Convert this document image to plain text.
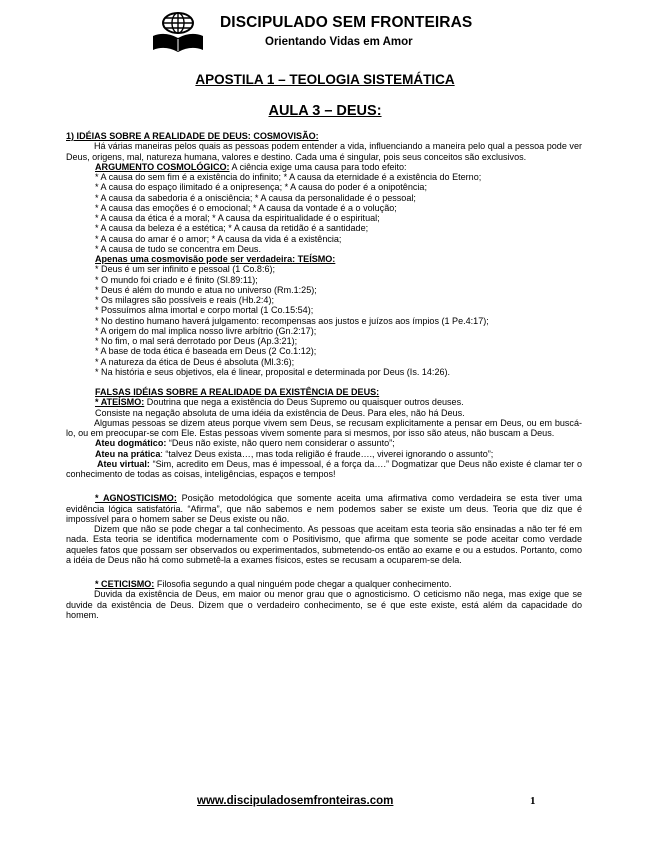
DISCIPULADO SEM FRONTEIRAS
Orientando Vidas em Amor
APOSTILA 1 – TEOLOGIA SISTEMÁTICA
AULA 3 – DEUS:

1) IDÉIAS SOBRE A REALIDADE DE DEUS: COSMOVISÃO:

Há várias maneiras pelos quais as pessoas podem entender a vida, influenciando a maneira pelo qual a pessoa pode ver Deus, origens, mal, natureza humana, valores e destino. Cada uma é singular, pois seus conceitos são exclusivos.

ARGUMENTO COSMOLÓGICO: A ciência exige uma causa para todo efeito:

* A causa do sem fim é a existência do infinito; * A causa da eternidade é a existência do Eterno;

* A causa do espaço ilimitado é a onipresença; * A causa do poder é a onipotência;

* A causa da sabedoria é a onisciência; * A causa da personalidade é o pessoal;

* A causa das emoções é o emocional; * A causa da vontade é a o volução;

* A causa da ética é a moral; * A causa da espiritualidade é o espiritual;

* A causa da beleza é a estética; * A causa da retidão é a santidade;

* A causa do amar é o amor; * A causa da vida é a existência;

* A causa de tudo se concentra em Deus.

Apenas uma cosmovisão pode ser verdadeira: TEÍSMO:

* Deus é um ser infinito e pessoal (1 Co.8:6);

* O mundo foi criado e é finito (Sl.89:11);

* Deus é além do mundo e atua no universo (Rm.1:25);

* Os milagres são possíveis e reais (Hb.2:4);

* Possuímos alma imortal e corpo mortal (1 Co.15:54);

* No destino humano haverá julgamento: recompensas aos justos e juízos aos ímpios (1 Pe.4:17);

* A origem do mal implica nosso livre arbítrio (Gn.2:17);

* No fim, o mal será derrotado por Deus (Ap.3:21);

* A base de toda ética é baseada em Deus (2 Co.1:12);

* A natureza da ética de Deus é absoluta (Ml.3:6);

* Na história e seus objetivos, ela é linear, proposital e determinada por Deus (Is. 14:26).

FALSAS IDÉIAS SOBRE A REALIDADE DA EXISTÊNCIA DE DEUS:

* ATEÍSMO: Doutrina que nega a existência do Deus Supremo ou quaisquer outros deuses.

Consiste na negação absoluta de uma idéia da existência de Deus. Para eles, não há Deus.

Algumas pessoas se dizem ateus porque vivem sem Deus, se recusam explicitamente a pensar em Deus, ou em buscá-lo, ou em preocupar-se com Ele. Estas pessoas vivem somente para si mesmos, por isso são ateus, não buscam a Deus.

Ateu dogmático: “Deus não existe, não quero nem considerar o assunto”;

Ateu na prática: “talvez Deus exista…, mas toda religião é fraude…., viverei ignorando o assunto”;

Ateu virtual: “Sim, acredito em Deus, mas é impessoal, é a força da….” Dogmatizar que Deus não existe é clamar ter o conhecimento de todas as coisas, inteligências, espaços e tempos!

* AGNOSTICISMO: Posição metodológica que somente aceita uma afirmativa como verdadeira se esta tiver uma evidência lógica satisfatória. “Afirma”, que não sabemos e nem podemos saber se existe um deus. Teoria que diz que é impossível para o homem saber se Deus existe ou não.

Dizem que não se pode chegar a tal conhecimento. As pessoas que aceitam esta teoria são ensinadas a não ter fé em nada. Esta teoria se identifica modernamente com o Positivismo, que afirma que somente se pode aceitar como verdade aqueles fatos que possam ser observados ou experimentados, submetendo-os então ao exame e ou a estudos. Portanto, como a idéia de Deus não há como submetê-la a exames físicos, estes se recusam a ocuparem-se dela.

* CETICISMO: Filosofia segundo a qual ninguém pode chegar a qualquer conhecimento.

Duvida da existência de Deus, em maior ou menor grau que o agnosticismo. O ceticismo não nega, mas exige que se duvide da existência de Deus. Dizem que o verdadeiro conhecimento, se é que este existe, está além da capacidade do homem.

www.discipuladosemfronteiras.com	1
